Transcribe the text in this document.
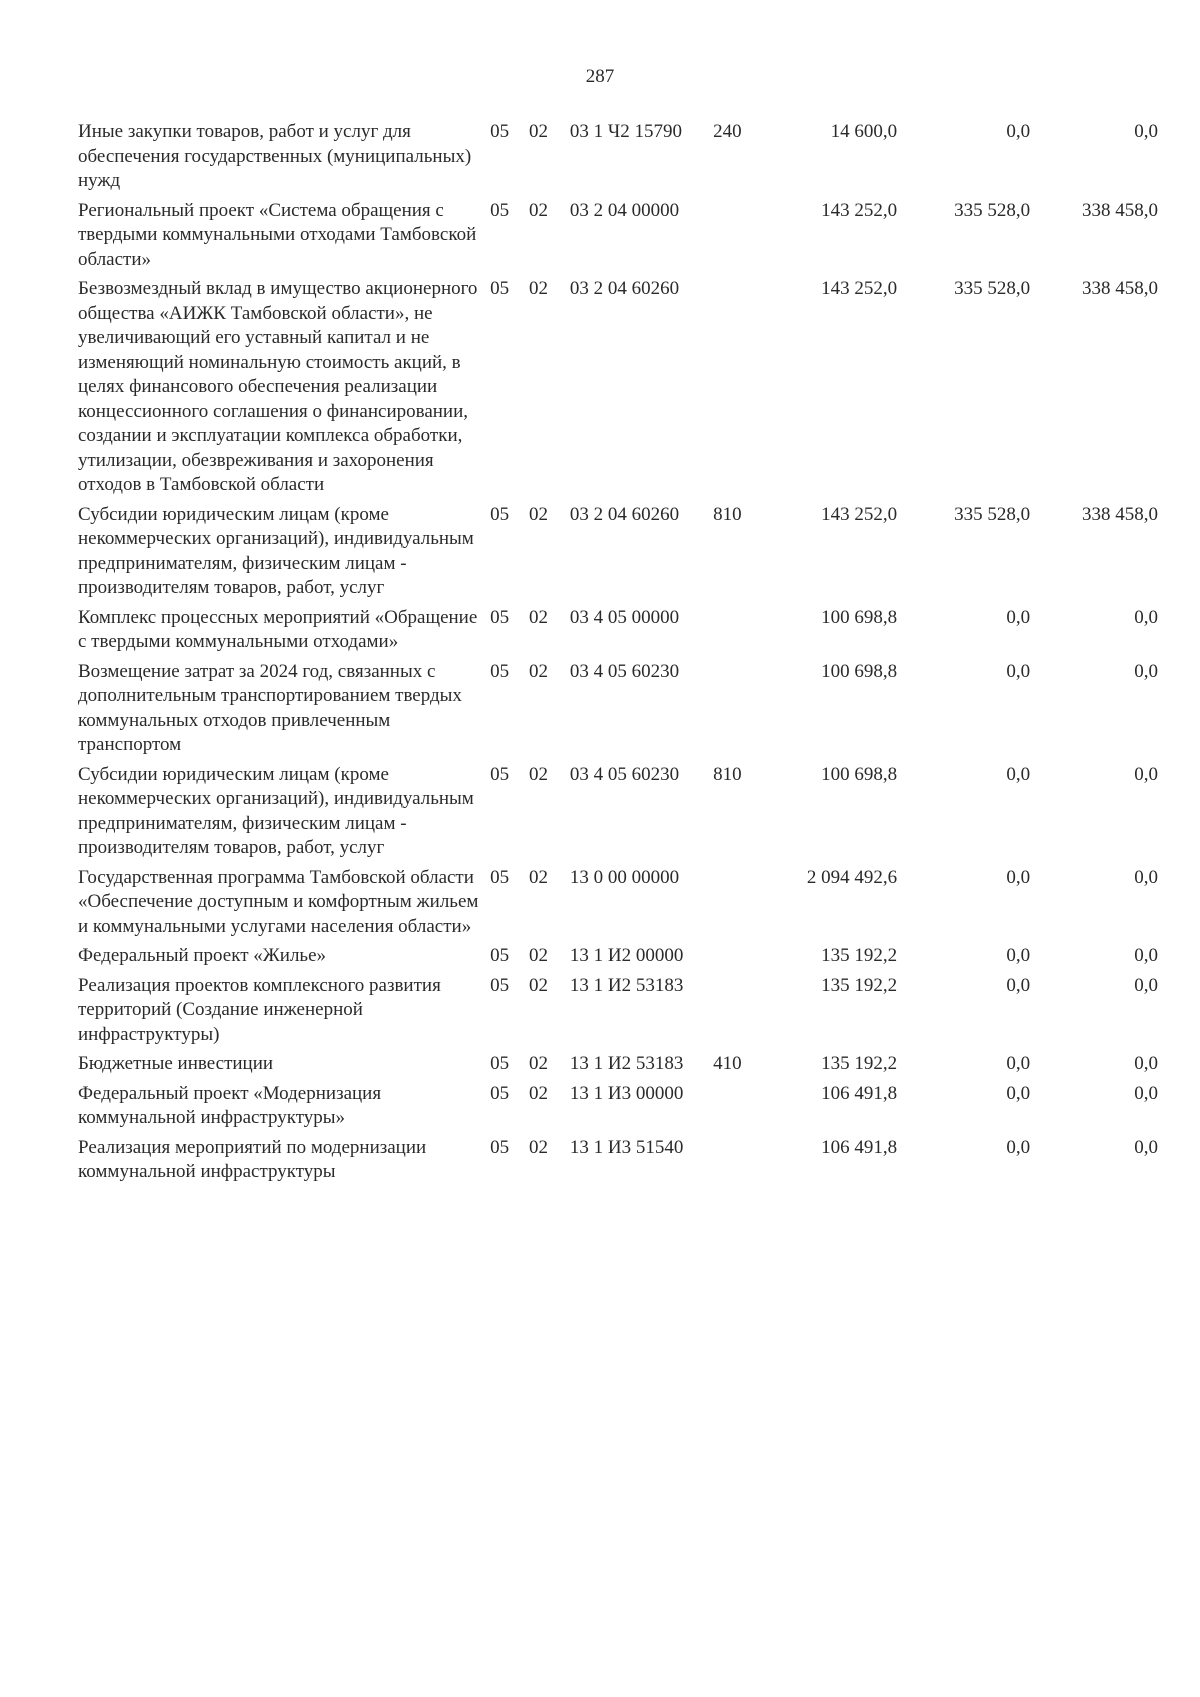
287
Иные закупки товаров, работ и услуг для обеспечения государственных (муниципальных) нужд	05	02	03 1 Ч2 15790	240	14 600,0	0,0	0,0
Региональный проект «Система обращения с твердыми коммунальными отходами Тамбовской области»	05	02	03 2 04 00000		143 252,0	335 528,0	338 458,0
Безвозмездный вклад в имущество акционерного общества «АИЖК Тамбовской области», не увеличивающий его уставный капитал и не изменяющий номинальную стоимость акций, в целях финансового обеспечения реализации концессионного соглашения о финансировании, создании и эксплуатации комплекса обработки, утилизации, обезвреживания и захоронения отходов в Тамбовской области	05	02	03 2 04 60260		143 252,0	335 528,0	338 458,0
Субсидии юридическим лицам (кроме некоммерческих организаций), индивидуальным предпринимателям, физическим лицам - производителям товаров, работ, услуг	05	02	03 2 04 60260	810	143 252,0	335 528,0	338 458,0
Комплекс процессных мероприятий «Обращение с твердыми коммунальными отходами»	05	02	03 4 05 00000		100 698,8	0,0	0,0
Возмещение затрат за 2024 год, связанных с дополнительным транспортированием твердых коммунальных отходов привлеченным транспортом	05	02	03 4 05 60230		100 698,8	0,0	0,0
Субсидии юридическим лицам (кроме некоммерческих организаций), индивидуальным предпринимателям, физическим лицам - производителям товаров, работ, услуг	05	02	03 4 05 60230	810	100 698,8	0,0	0,0
Государственная программа Тамбовской области «Обеспечение доступным и комфортным жильем и коммунальными услугами населения области»	05	02	13 0 00 00000		2 094 492,6	0,0	0,0
Федеральный проект «Жилье»	05	02	13 1 И2 00000		135 192,2	0,0	0,0
Реализация проектов комплексного развития территорий (Создание инженерной инфраструктуры)	05	02	13 1 И2 53183		135 192,2	0,0	0,0
Бюджетные инвестиции	05	02	13 1 И2 53183	410	135 192,2	0,0	0,0
Федеральный проект «Модернизация коммунальной инфраструктуры»	05	02	13 1 И3 00000		106 491,8	0,0	0,0
Реализация мероприятий по модернизации коммунальной инфраструктуры	05	02	13 1 И3 51540		106 491,8	0,0	0,0
